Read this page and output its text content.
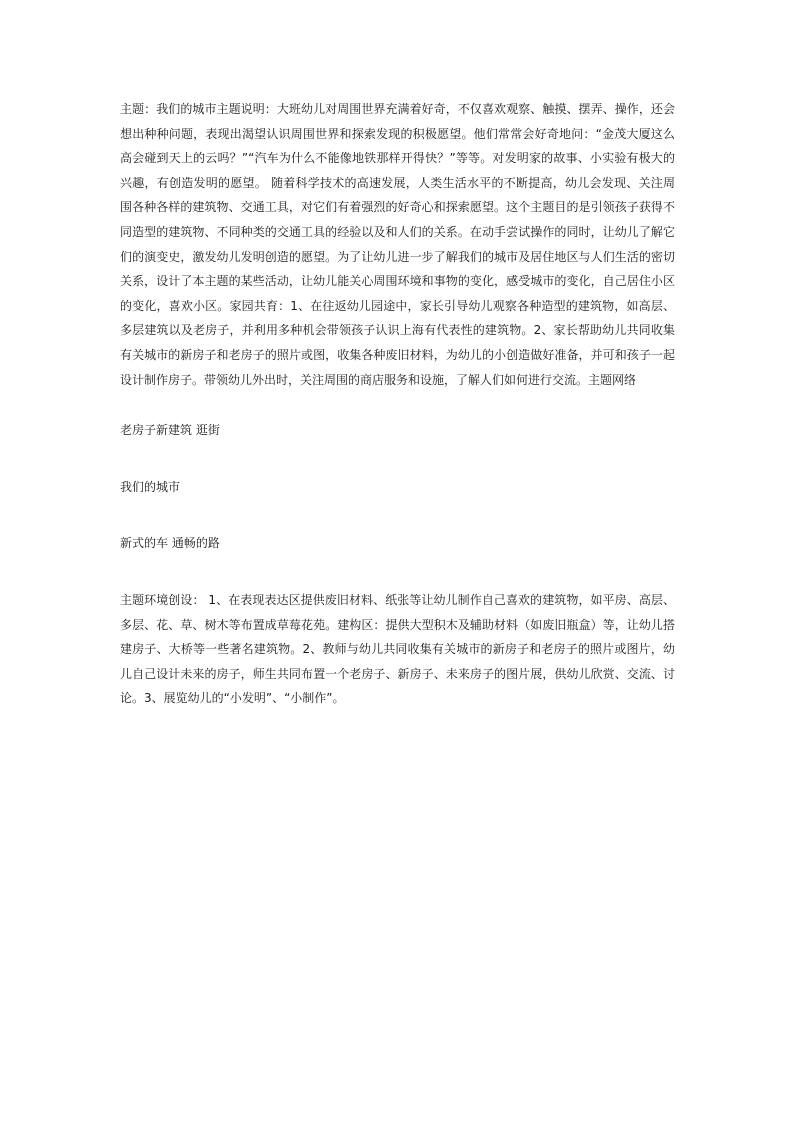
主题：我们的城市主题说明：大班幼儿对周围世界充满着好奇，不仅喜欢观察、触摸、摆弄、操作，还会想出种种问题，表现出渴望认识周围世界和探索发现的积极愿望。他们常常会好奇地问：“金茂大厦这么高会碰到天上的云吗？”“汽车为什么不能像地铁那样开得快？”等等。对发明家的故事、小实验有极大的兴趣，有创造发明的愿望。 随着科学技术的高速发展，人类生活水平的不断提高，幼儿会发现、关注周围各种各样的建筑物、交通工具，对它们有着强烈的好奇心和探索愿望。这个主题目的是引领孩子获得不同造型的建筑物、不同种类的交通工具的经验以及和人们的关系。在动手尝试操作的同时，让幼儿了解它们的演变史，激发幼儿发明创造的愿望。为了让幼儿进一步了解我们的城市及居住地区与人们生活的密切关系，设计了本主题的某些活动，让幼儿能关心周围环境和事物的变化，感受城市的变化，自己居住小区的变化，喜欢小区。家园共育：1、在往返幼儿园途中，家长引导幼儿观察各种造型的建筑物，如高层、多层建筑以及老房子，并利用多种机会带领孩子认识上海有代表性的建筑物。2、家长帮助幼儿共同收集有关城市的新房子和老房子的照片或图，收集各种废旧材料，为幼儿的小创造做好准备，并可和孩子一起设计制作房子。带领幼儿外出时，关注周围的商店服务和设施，了解人们如何进行交流。主题网络

老房子新建筑 逛街

我们的城市

新式的车 通畅的路

主题环境创设： 1、在表现表达区提供废旧材料、纸张等让幼儿制作自己喜欢的建筑物，如平房、高层、多层、花、草、树木等布置成草莓花苑。建构区：提供大型积木及辅助材料（如废旧瓶盒）等，让幼儿搭建房子、大桥等一些著名建筑物。2、教师与幼儿共同收集有关城市的新房子和老房子的照片或图片，幼儿自己设计未来的房子，师生共同布置一个老房子、新房子、未来房子的图片展，供幼儿欣赏、交流、讨论。3、展览幼儿的“小发明”、“小制作”。
